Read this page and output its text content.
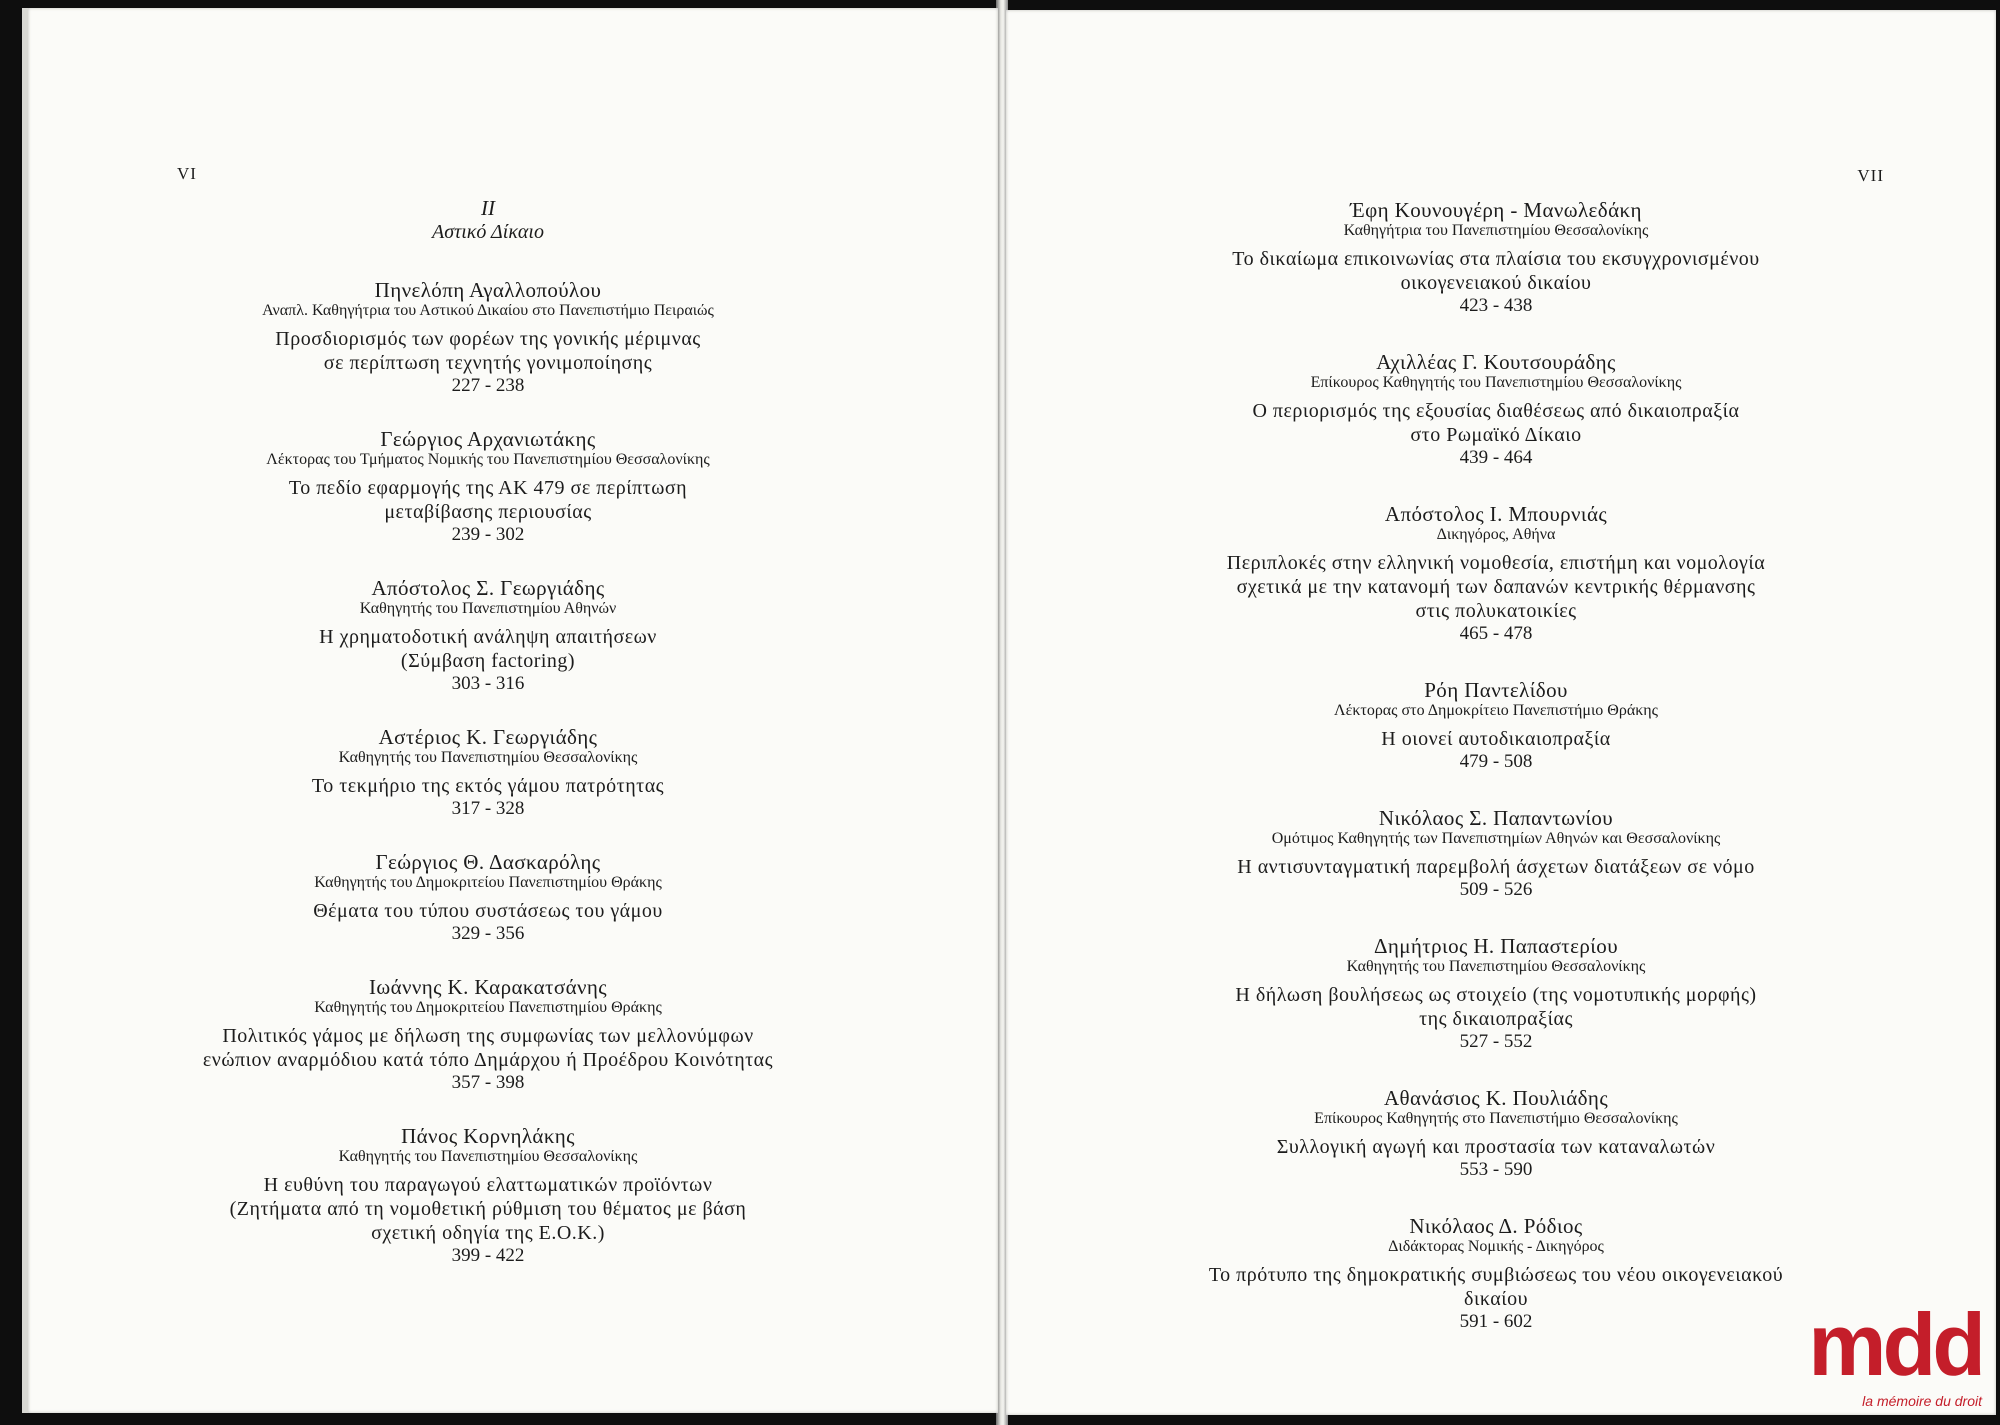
VI
II
Αστικό Δίκαιο
Πηνελόπη Αγαλλοπούλου
Αναπλ. Καθηγήτρια του Αστικού Δικαίου στο Πανεπιστήμιο Πειραιώς
Προσδιορισμός των φορέων της γονικής μέριμνας
σε περίπτωση τεχνητής γονιμοποίησης
227 - 238
Γεώργιος Αρχανιωτάκης
Λέκτορας του Τμήματος Νομικής του Πανεπιστημίου Θεσσαλονίκης
Το πεδίο εφαρμογής της ΑΚ 479 σε περίπτωση
μεταβίβασης περιουσίας
239 - 302
Απόστολος Σ. Γεωργιάδης
Καθηγητής του Πανεπιστημίου Αθηνών
Η χρηματοδοτική ανάληψη απαιτήσεων
(Σύμβαση factoring)
303 - 316
Αστέριος Κ. Γεωργιάδης
Καθηγητής του Πανεπιστημίου Θεσσαλονίκης
Το τεκμήριο της εκτός γάμου πατρότητας
317 - 328
Γεώργιος Θ. Δασκαρόλης
Καθηγητής του Δημοκριτείου Πανεπιστημίου Θράκης
Θέματα του τύπου συστάσεως του γάμου
329 - 356
Ιωάννης Κ. Καρακατσάνης
Καθηγητής του Δημοκριτείου Πανεπιστημίου Θράκης
Πολιτικός γάμος με δήλωση της συμφωνίας των μελλονύμφων
ενώπιον αναρμόδιου κατά τόπο Δημάρχου ή Προέδρου Κοινότητας
357 - 398
Πάνος Κορνηλάκης
Καθηγητής του Πανεπιστημίου Θεσσαλονίκης
Η ευθύνη του παραγωγού ελαττωματικών προϊόντων
(Ζητήματα από τη νομοθετική ρύθμιση του θέματος με βάση
σχετική οδηγία της Ε.Ο.Κ.)
399 - 422
VII
Έφη Κουνουγέρη - Μανωλεδάκη
Καθηγήτρια του Πανεπιστημίου Θεσσαλονίκης
Το δικαίωμα επικοινωνίας στα πλαίσια του εκσυγχρονισμένου
οικογενειακού δικαίου
423 - 438
Αχιλλέας Γ. Κουτσουράδης
Επίκουρος Καθηγητής του Πανεπιστημίου Θεσσαλονίκης
Ο περιορισμός της εξουσίας διαθέσεως από δικαιοπραξία
στο Ρωμαϊκό Δίκαιο
439 - 464
Απόστολος Ι. Μπουρνιάς
Δικηγόρος, Αθήνα
Περιπλοκές στην ελληνική νομοθεσία, επιστήμη και νομολογία
σχετικά με την κατανομή των δαπανών κεντρικής θέρμανσης
στις πολυκατοικίες
465 - 478
Ρόη Παντελίδου
Λέκτορας στο Δημοκρίτειο Πανεπιστήμιο Θράκης
Η οιονεί αυτοδικαιοπραξία
479 - 508
Νικόλαος Σ. Παπαντωνίου
Ομότιμος Καθηγητής των Πανεπιστημίων Αθηνών και Θεσσαλονίκης
Η αντισυνταγματική παρεμβολή άσχετων διατάξεων σε νόμο
509 - 526
Δημήτριος Η. Παπαστερίου
Καθηγητής του Πανεπιστημίου Θεσσαλονίκης
Η δήλωση βουλήσεως ως στοιχείο (της νομοτυπικής μορφής)
της δικαιοπραξίας
527 - 552
Αθανάσιος Κ. Πουλιάδης
Επίκουρος Καθηγητής στο Πανεπιστήμιο Θεσσαλονίκης
Συλλογική αγωγή και προστασία των καταναλωτών
553 - 590
Νικόλαος Δ. Ρόδιος
Διδάκτορας Νομικής - Δικηγόρος
Το πρότυπο της δημοκρατικής συμβιώσεως του νέου οικογενειακού
δικαίου
591 - 602	mdd
la mémoire du droit
